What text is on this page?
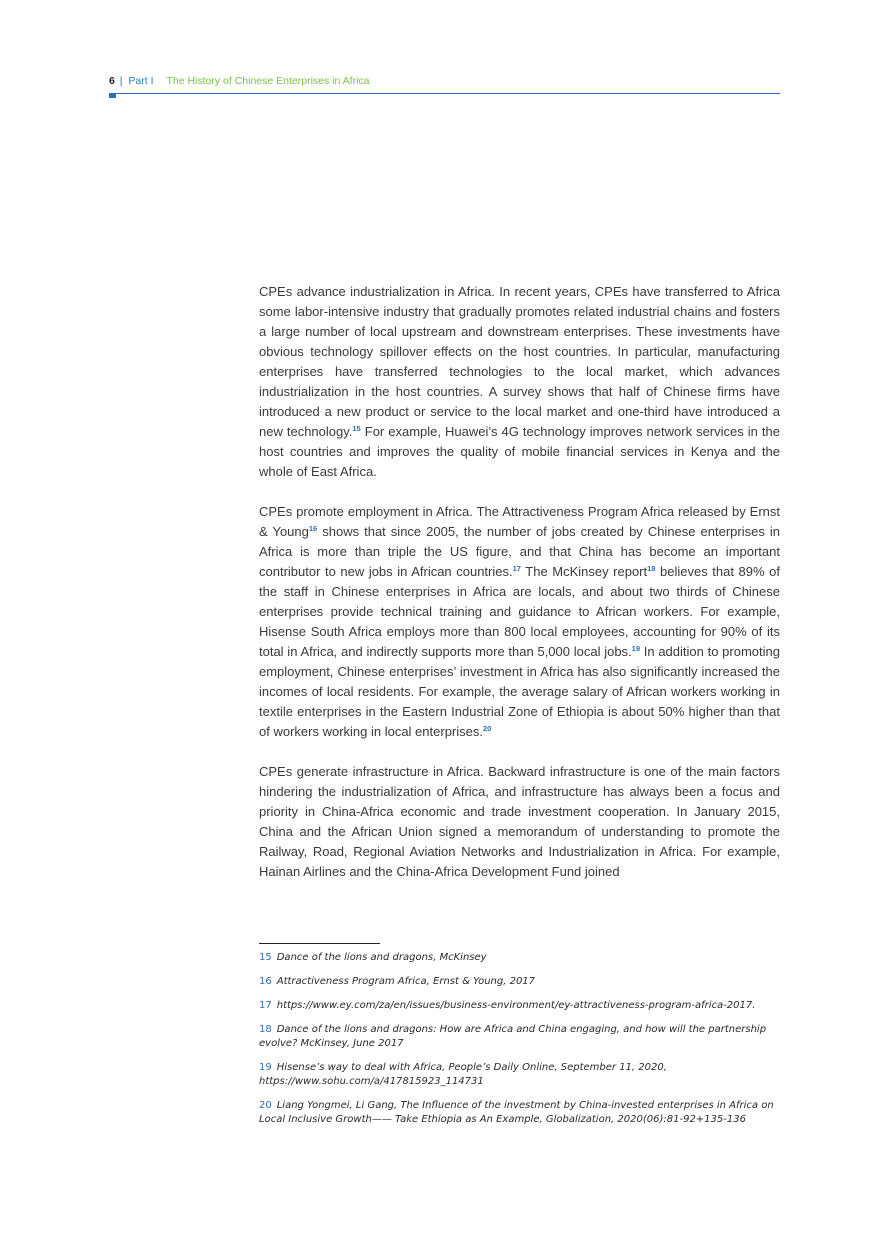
6 | Part I The History of Chinese Enterprises in Africa

CPEs advance industrialization in Africa. In recent years, CPEs have transferred to Africa some labor-intensive industry that gradually promotes related industrial chains and fosters a large number of local upstream and downstream enterprises. These investments have obvious technology spillover effects on the host countries. In particular, manufacturing enterprises have transferred technologies to the local market, which advances industrialization in the host countries. A survey shows that half of Chinese firms have introduced a new product or service to the local market and one-third have introduced a new technology.$^{15}$ For example, Huawei’s 4G technology improves network services in the host countries and improves the quality of mobile financial services in Kenya and the whole of East Africa.

CPEs promote employment in Africa. The Attractiveness Program Africa released by Ernst & Young$^{16}$ shows that since 2005, the number of jobs created by Chinese enterprises in Africa is more than triple the US figure, and that China has become an important contributor to new jobs in African countries.$^{17}$ The McKinsey report$^{18}$ believes that 89% of the staff in Chinese enterprises in Africa are locals, and about two thirds of Chinese enterprises provide technical training and guidance to African workers. For example, Hisense South Africa employs more than 800 local employees, accounting for 90% of its total in Africa, and indirectly supports more than 5,000 local jobs.$^{19}$ In addition to promoting employment, Chinese enterprises’ investment in Africa has also significantly increased the incomes of local residents. For example, the average salary of African workers working in textile enterprises in the Eastern Industrial Zone of Ethiopia is about 50% higher than that of workers working in local enterprises.$^{20}$

CPEs generate infrastructure in Africa. Backward infrastructure is one of the main factors hindering the industrialization of Africa, and infrastructure has always been a focus and priority in China-Africa economic and trade investment cooperation. In January 2015, China and the African Union signed a memorandum of understanding to promote the Railway, Road, Regional Aviation Networks and Industrialization in Africa. For example, Hainan Airlines and the China-Africa Development Fund joined

15 Dance of the lions and dragons, McKinsey
16 Attractiveness Program Africa, Ernst & Young, 2017
17 https://www.ey.com/za/en/issues/business-environment/ey-attractiveness-program-africa-2017.
18 Dance of the lions and dragons: How are Africa and China engaging, and how will the partnership evolve? McKinsey, June 2017
19 Hisense’s way to deal with Africa, People’s Daily Online, September 11, 2020, https://www.sohu.com/a/417815923_114731
20 Liang Yongmei, Li Gang, The Influence of the investment by China-invested enterprises in Africa on Local Inclusive Growth—— Take Ethiopia as An Example, Globalization, 2020(06):81-92+135-136
